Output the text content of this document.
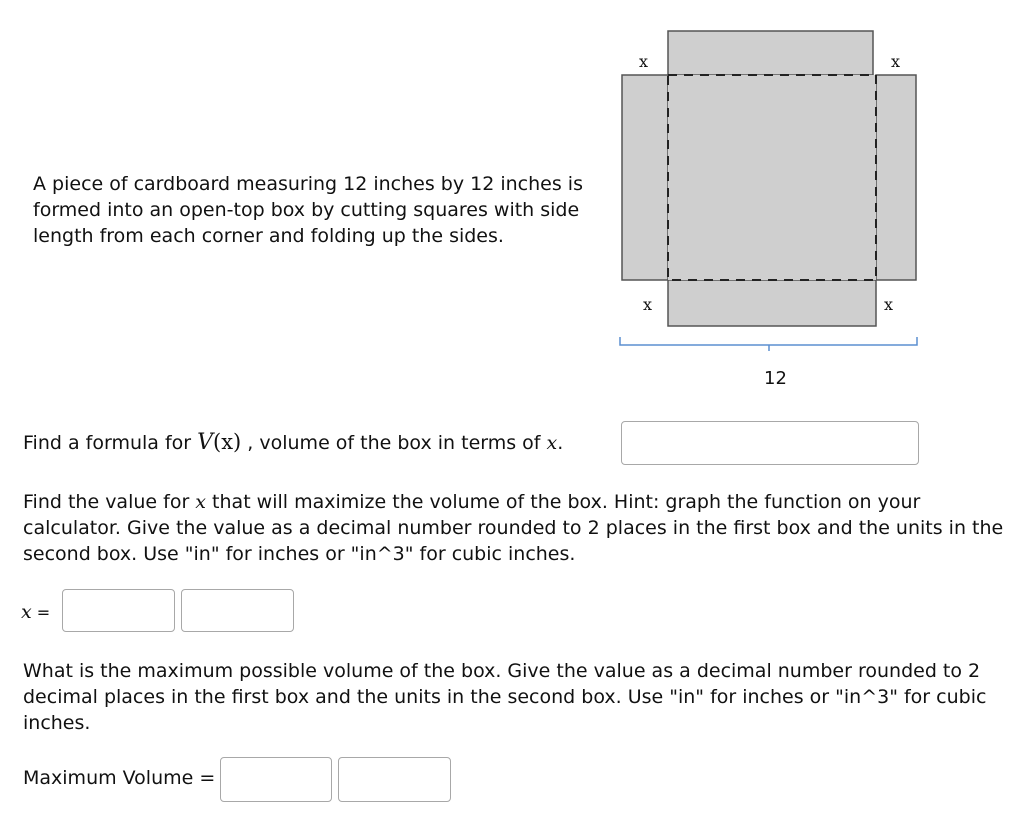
x	x
x	x
12
A piece of cardboard measuring 12 inches by 12 inches is formed into an open-top box by cutting squares with side length from each corner and folding up the sides.
Find a formula for V(x) , volume of the box in terms of x.
Find the value for x that will maximize the volume of the box. Hint: graph the function on your calculator. Give the value as a decimal number rounded to 2 places in the first box and the units in the second box. Use "in" for inches or "in^3" for cubic inches.
x =
What is the maximum possible volume of the box. Give the value as a decimal number rounded to 2 decimal places in the first box and the units in the second box. Use "in" for inches or "in^3" for cubic inches.
Maximum Volume =
